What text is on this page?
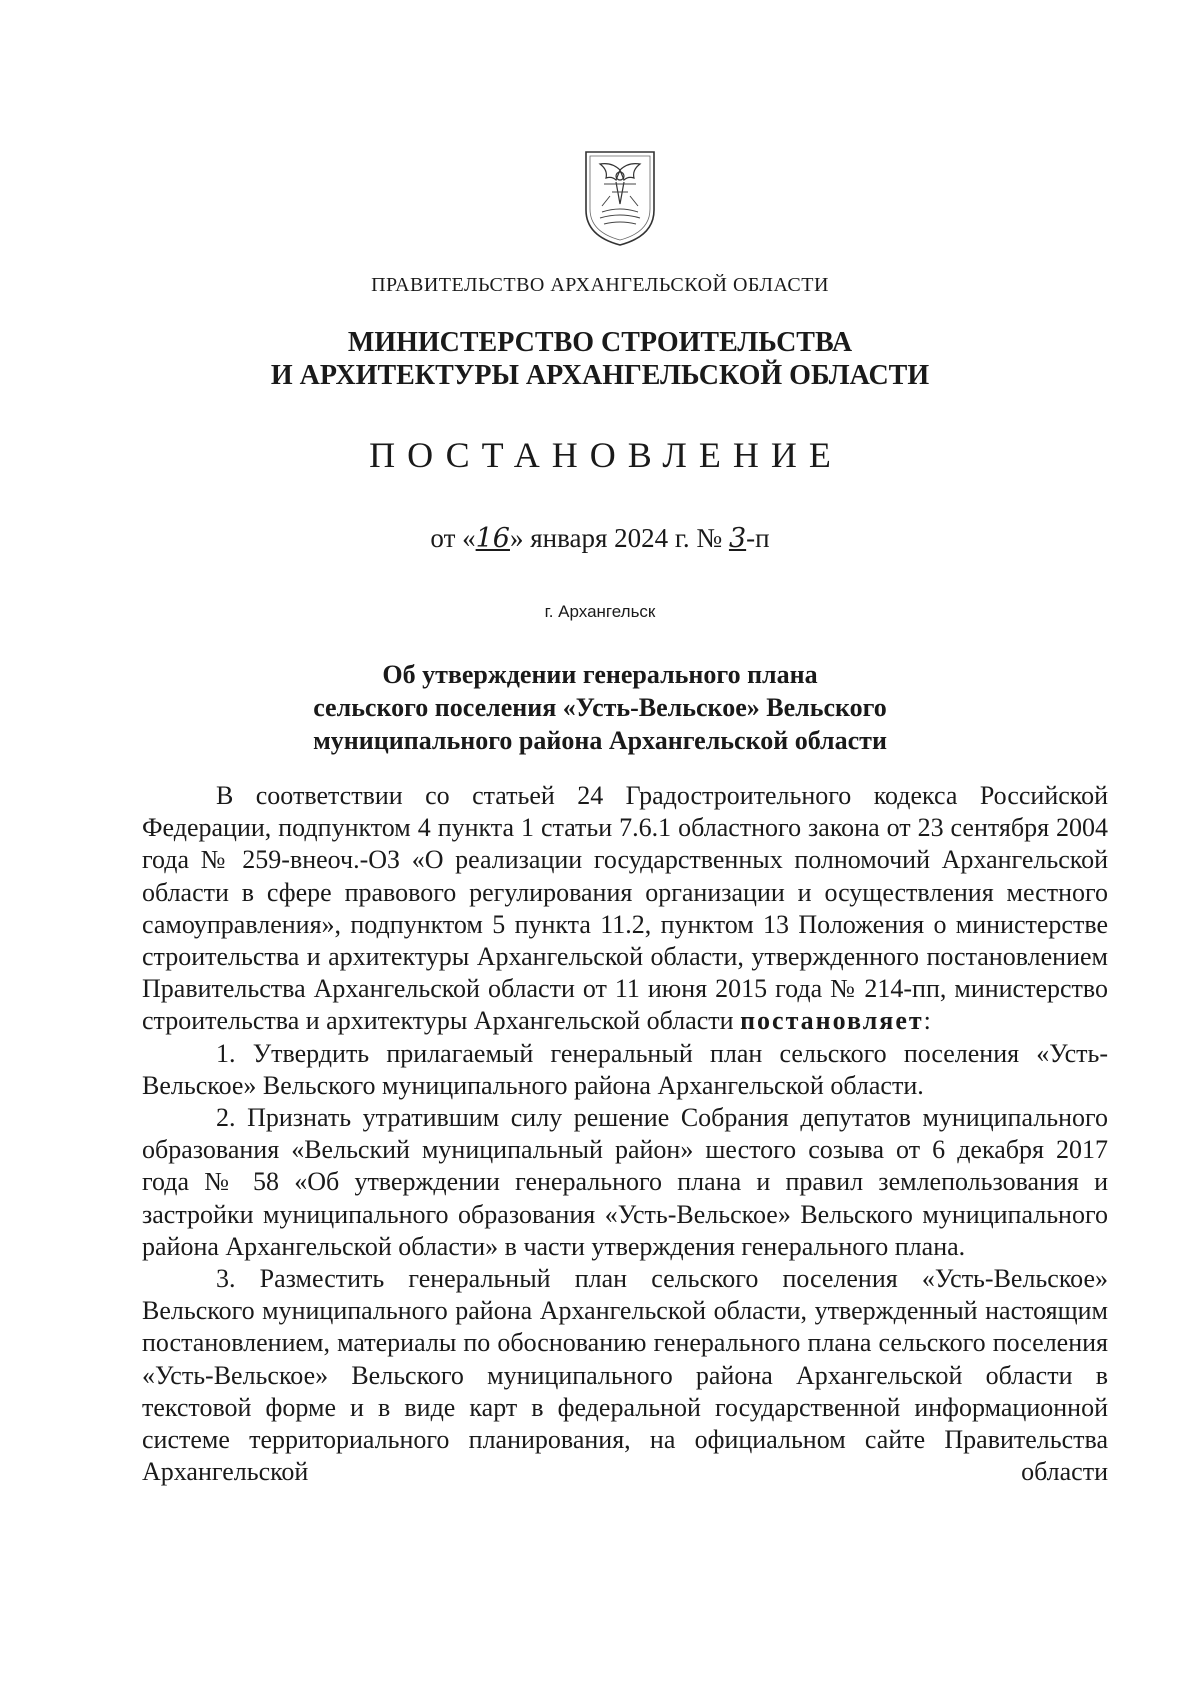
ПРАВИТЕЛЬСТВО АРХАНГЕЛЬСКОЙ ОБЛАСТИ
МИНИСТЕРСТВО СТРОИТЕЛЬСТВА
И АРХИТЕКТУРЫ АРХАНГЕЛЬСКОЙ ОБЛАСТИ
ПОСТАНОВЛЕНИЕ
от «16» января 2024 г. № 3-п
г. Архангельск
Об утверждении генерального плана
сельского поселения «Усть-Вельское» Вельского
муниципального района Архангельской области

В соответствии со статьей 24 Градостроительного кодекса Российской Федерации, подпунктом 4 пункта 1 статьи 7.6.1 областного закона от 23 сентября 2004 года № 259-внеоч.-ОЗ «О реализации государственных полномочий Архангельской области в сфере правового регулирования организации и осуществления местного самоуправления», подпунктом 5 пункта 11.2, пунктом 13 Положения о министерстве строительства и архитектуры Архангельской области, утвержденного постановлением Правительства Архангельской области от 11 июня 2015 года № 214-пп, министерство строительства и архитектуры Архангельской области постановляет:

1. Утвердить прилагаемый генеральный план сельского поселения «Усть-Вельское» Вельского муниципального района Архангельской области.

2. Признать утратившим силу решение Собрания депутатов муниципального образования «Вельский муниципальный район» шестого созыва от 6 декабря 2017 года № 58 «Об утверждении генерального плана и правил землепользования и застройки муниципального образования «Усть-Вельское» Вельского муниципального района Архангельской области» в части утверждения генерального плана.

3. Разместить генеральный план сельского поселения «Усть-Вельское» Вельского муниципального района Архангельской области, утвержденный настоящим постановлением, материалы по обоснованию генерального плана сельского поселения «Усть-Вельское» Вельского муниципального района Архангельской области в текстовой форме и в виде карт в федеральной государственной информационной системе территориального планирования, на официальном сайте Правительства Архангельской области
